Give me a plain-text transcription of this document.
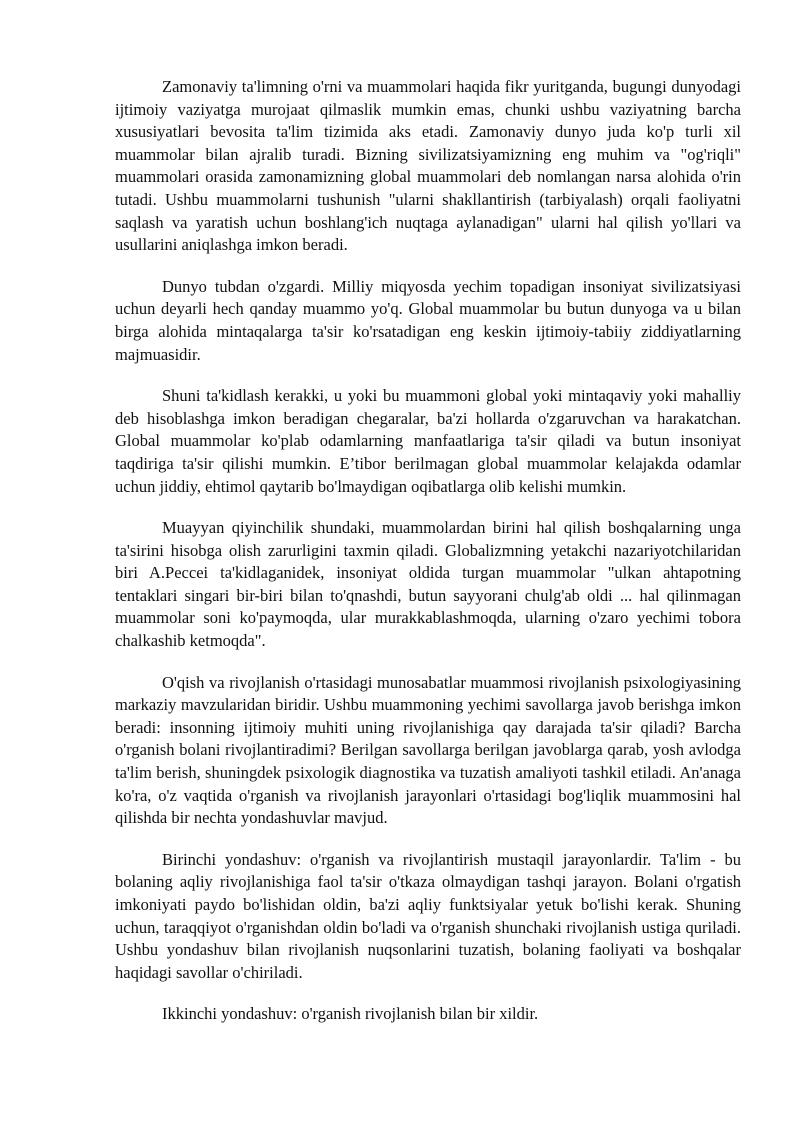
Zamonaviy ta'limning o'rni va muammolari haqida fikr yuritganda, bugungi dunyodagi ijtimoiy vaziyatga murojaat qilmaslik mumkin emas, chunki ushbu vaziyatning barcha xususiyatlari bevosita ta'lim tizimida aks etadi. Zamonaviy dunyo juda ko'p turli xil muammolar bilan ajralib turadi. Bizning sivilizatsiyamizning eng muhim va "og'riqli" muammolari orasida zamonamizning global muammolari deb nomlangan narsa alohida o'rin tutadi. Ushbu muammolarni tushunish "ularni shakllantirish (tarbiyalash) orqali faoliyatni saqlash va yaratish uchun boshlang'ich nuqtaga aylanadigan" ularni hal qilish yo'llari va usullarini aniqlashga imkon beradi.

Dunyo tubdan o'zgardi. Milliy miqyosda yechim topadigan insoniyat sivilizatsiyasi uchun deyarli hech qanday muammo yo'q. Global muammolar bu butun dunyoga va u bilan birga alohida mintaqalarga ta'sir ko'rsatadigan eng keskin ijtimoiy-tabiiy ziddiyatlarning majmuasidir.

Shuni ta'kidlash kerakki, u yoki bu muammoni global yoki mintaqaviy yoki mahalliy deb hisoblashga imkon beradigan chegaralar, ba'zi hollarda o'zgaruvchan va harakatchan. Global muammolar ko'plab odamlarning manfaatlariga ta'sir qiladi va butun insoniyat taqdiriga ta'sir qilishi mumkin. E’tibor berilmagan global muammolar kelajakda odamlar uchun jiddiy, ehtimol qaytarib bo'lmaydigan oqibatlarga olib kelishi mumkin.

Muayyan qiyinchilik shundaki, muammolardan birini hal qilish boshqalarning unga ta'sirini hisobga olish zarurligini taxmin qiladi. Globalizmning yetakchi nazariyotchilaridan biri A.Peccei ta'kidlaganidek, insoniyat oldida turgan muammolar "ulkan ahtapotning tentaklari singari bir-biri bilan to'qnashdi, butun sayyorani chulg'ab oldi ... hal qilinmagan muammolar soni ko'paymoqda, ular murakkablashmoqda, ularning o'zaro yechimi tobora chalkashib ketmoqda".

O'qish va rivojlanish o'rtasidagi munosabatlar muammosi rivojlanish psixologiyasining markaziy mavzularidan biridir. Ushbu muammoning yechimi savollarga javob berishga imkon beradi: insonning ijtimoiy muhiti uning rivojlanishiga qay darajada ta'sir qiladi? Barcha o'rganish bolani rivojlantiradimi? Berilgan savollarga berilgan javoblarga qarab, yosh avlodga ta'lim berish, shuningdek psixologik diagnostika va tuzatish amaliyoti tashkil etiladi. An'anaga ko'ra, o'z vaqtida o'rganish va rivojlanish jarayonlari o'rtasidagi bog'liqlik muammosini hal qilishda bir nechta yondashuvlar mavjud.

Birinchi yondashuv: o'rganish va rivojlantirish mustaqil jarayonlardir. Ta'lim - bu bolaning aqliy rivojlanishiga faol ta'sir o'tkaza olmaydigan tashqi jarayon. Bolani o'rgatish imkoniyati paydo bo'lishidan oldin, ba'zi aqliy funktsiyalar yetuk bo'lishi kerak. Shuning uchun, taraqqiyot o'rganishdan oldin bo'ladi va o'rganish shunchaki rivojlanish ustiga quriladi. Ushbu yondashuv bilan rivojlanish nuqsonlarini tuzatish, bolaning faoliyati va boshqalar haqidagi savollar o'chiriladi.

Ikkinchi yondashuv: o'rganish rivojlanish bilan bir xildir.
